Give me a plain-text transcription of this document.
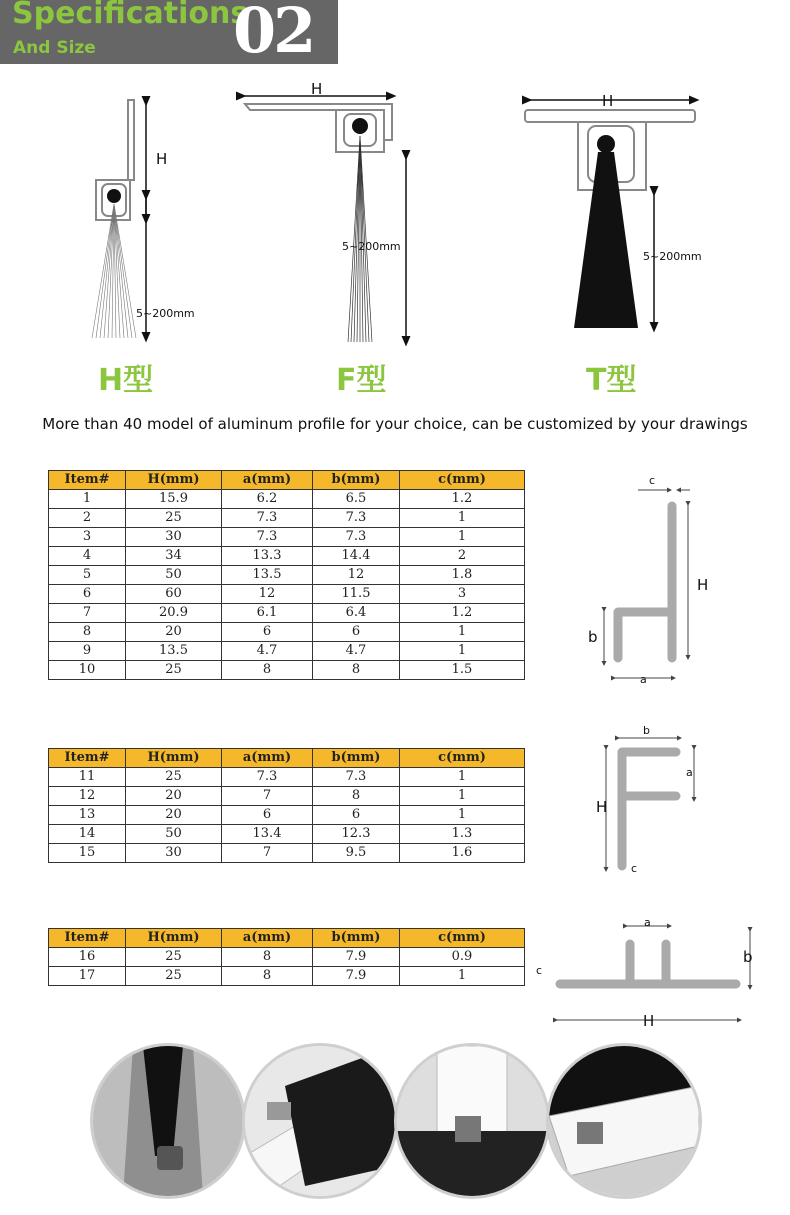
Specifications
And Size 02
H
5~200mm
H
5~200mm
H
5~200mm
H型	F型	T型
More than 40 model of aluminum profile for your choice, can be customized by your drawings
Item#	H(mm)	a(mm)	b(mm)	c(mm)
1	15.9	6.2	6.5	1.2
2	25	7.3	7.3	1
3	30	7.3	7.3	1
4	34	13.3	14.4	2
5	50	13.5	12	1.8
6	60	12	11.5	3
7	20.9	6.1	6.4	1.2
8	20	6	6	1
9	13.5	4.7	4.7	1
10	25	8	8	1.5
Item#	H(mm)	a(mm)	b(mm)	c(mm)
11	25	7.3	7.3	1
12	20	7	8	1
13	20	6	6	1
14	50	13.4	12.3	1.3
15	30	7	9.5	1.6
Item#	H(mm)	a(mm)	b(mm)	c(mm)
16	25	8	7.9	0.9
17	25	8	7.9	1
c
H
b
a
b
a
H
c
a
b
c
H
